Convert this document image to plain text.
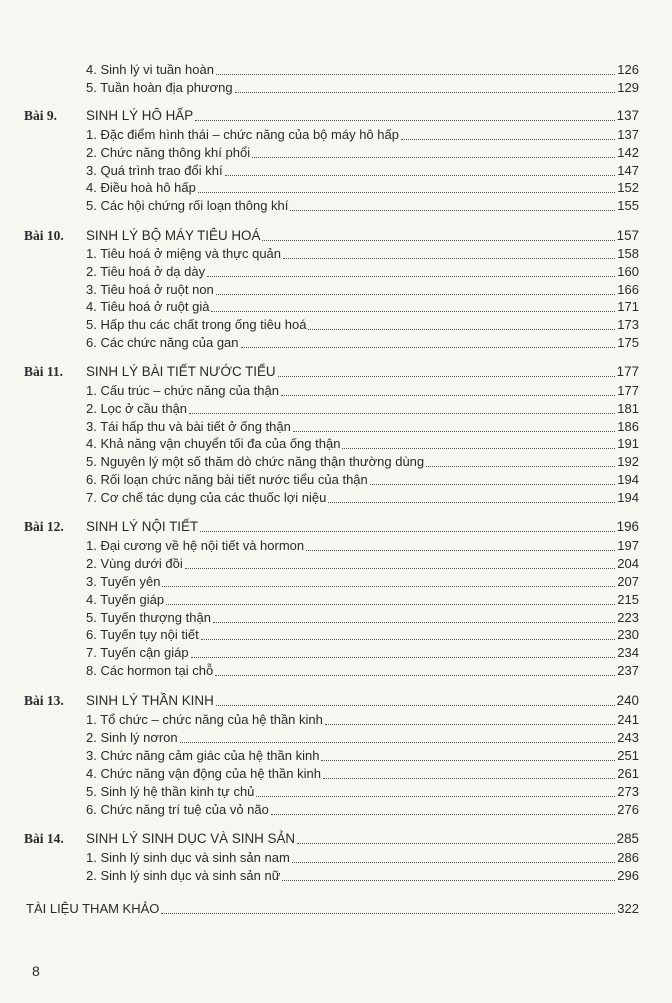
4. Sinh lý vi tuần hoàn	126
5. Tuần hoàn địa phương	129
Bài 9. SINH LÝ HÔ HẤP	137
1. Đặc điểm hình thái – chức năng của bộ máy hô hấp	137
2. Chức năng thông khí phổi	142
3. Quá trình trao đổi khí	147
4. Điều hoà hô hấp	152
5. Các hội chứng rối loạn thông khí	155
Bài 10. SINH LÝ BỘ MÁY TIÊU HOÁ	157
1. Tiêu hoá ở miệng và thực quản	158
2. Tiêu hoá ở dạ dày	160
3. Tiêu hoá ở ruột non	166
4. Tiêu hoá ở ruột già	171
5. Hấp thu các chất trong ống tiêu hoá	173
6. Các chức năng của gan	175
Bài 11. SINH LÝ BÀI TIẾT NƯỚC TIỂU	177
1. Cấu trúc – chức năng của thận	177
2. Lọc ở cầu thận	181
3. Tái hấp thu và bài tiết ở ống thận	186
4. Khả năng vận chuyển tối đa của ống thận	191
5. Nguyên lý một số thăm dò chức năng thận thường dùng	192
6. Rối loạn chức năng bài tiết nước tiểu của thận	194
7. Cơ chế tác dụng của các thuốc lợi niệu	194
Bài 12. SINH LÝ NỘI TIẾT	196
1. Đại cương về hệ nội tiết và hormon	197
2. Vùng dưới đồi	204
3. Tuyến yên	207
4. Tuyến giáp	215
5. Tuyến thượng thận	223
6. Tuyến tụy nội tiết	230
7. Tuyến cận giáp	234
8. Các hormon tại chỗ	237
Bài 13. SINH LÝ THẦN KINH	240
1. Tổ chức – chức năng của hệ thần kinh	241
2. Sinh lý nơron	243
3. Chức năng cảm giác của hệ thần kinh	251
4. Chức năng vận động của hệ thần kinh	261
5. Sinh lý hệ thần kinh tự chủ	273
6. Chức năng trí tuệ của vỏ não	276
Bài 14. SINH LÝ SINH DỤC VÀ SINH SẢN	285
1. Sinh lý sinh dục và sinh sản nam	286
2. Sinh lý sinh dục và sinh sản nữ	296
TÀI LIỆU THAM KHẢO	322
8
